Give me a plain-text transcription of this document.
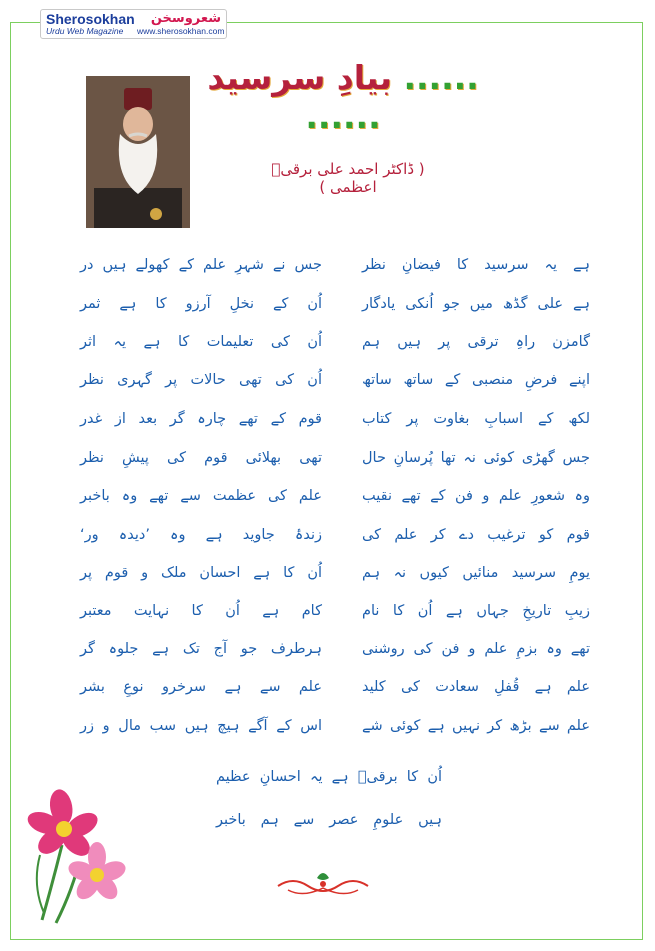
Sherosokhan شعروسخن
Urdu Web Magazine www.sherosokhan.com
...... بیادِ سرسید ......
( ڈاکٹر احمد علی برقیؔ اعظمی )
ہے یہ سرسید کا فیضانِ نظر
جس نے شہرِ علم کے کھولے ہیں در
ہے علی گڈھ میں جو اُنکی یادگار
اُن کے نخلِ آرزو کا ہے ثمر
گامزن راہِ ترقی پر ہیں ہم
اُن کی تعلیمات کا ہے یہ اثر
اپنے فرضِ منصبی کے ساتھ ساتھ
اُن کی تھی حالات پر گہری نظر
لکھ کے اسبابِ بغاوت پر کتاب
قوم کے تھے چارہ گر بعد از غدر
جس گھڑی کوئی نہ تھا پُرسانِ حال
تھی بھلائی قوم کی پیشِ نظر
وہ شعورِ علم و فن کے تھے نقیب
علم کی عظمت سے تھے وہ باخبر
قوم کو ترغیب دے کر علم کی
زندۂ جاوید ہے وہ ’دیدہ ور‘
یومِ سرسید منائیں کیوں نہ ہم
اُن کا ہے احسان ملک و قوم پر
زیبِ تاریخِ جہاں ہے اُن کا نام
کام ہے اُن کا نہایت معتبر
تھے وہ بزمِ علم و فن کی روشنی
ہرطرف جو آج تک ہے جلوہ گر
علم ہے قُفلِ سعادت کی کلید
علم سے ہے سرخرو نوعِ بشر
علم سے بڑھ کر نہیں ہے کوئی شے
اس کے آگے ہیچ ہیں سب مال و زر
اُن کا برقیؔ ہے یہ احسانِ عظیم
ہیں علومِ عصر سے ہم باخبر
